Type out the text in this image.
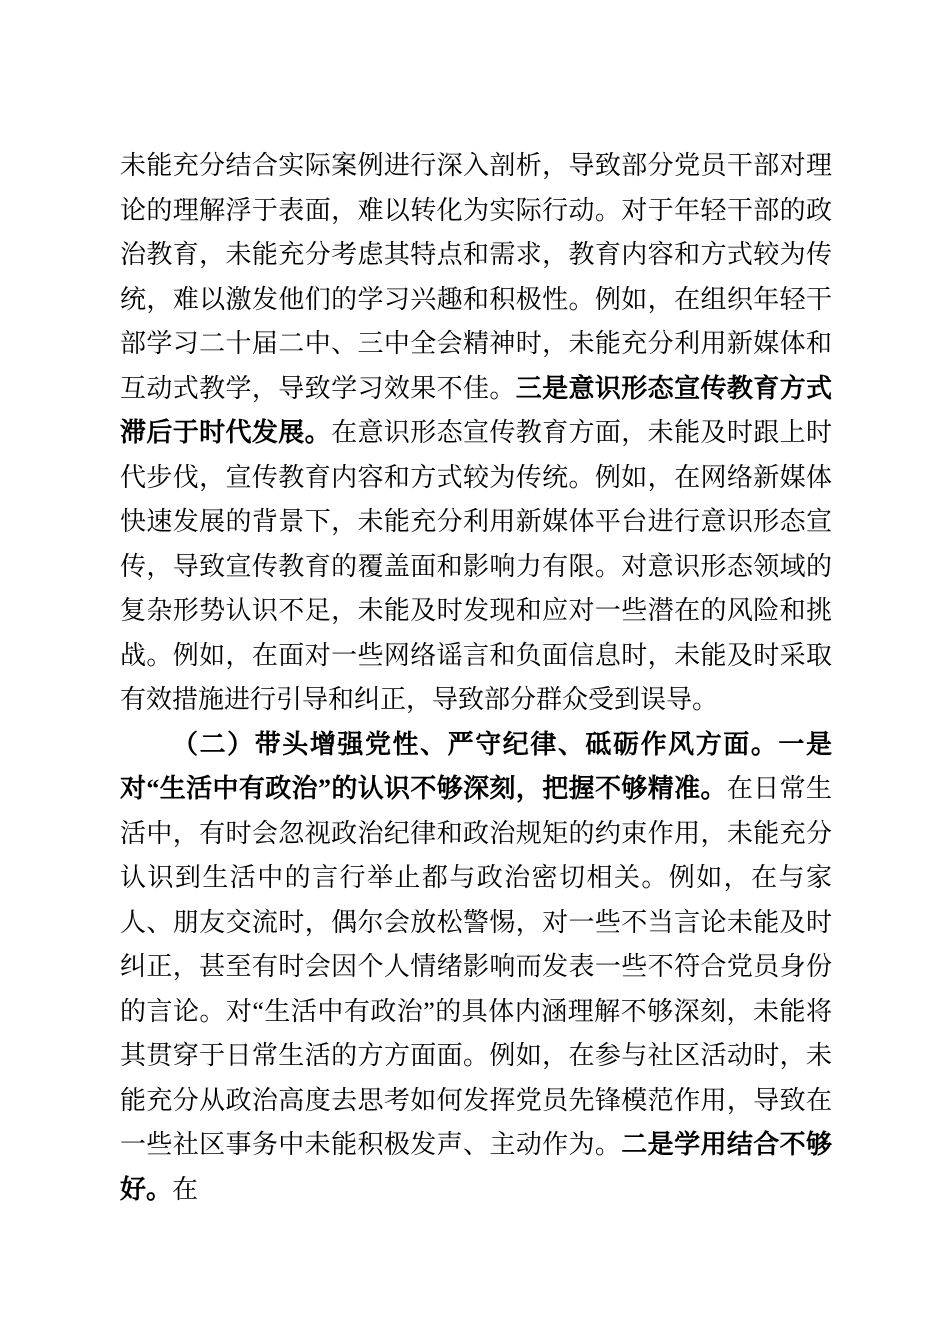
未能充分结合实际案例进行深入剖析，导致部分党员干部对理论的理解浮于表面，难以转化为实际行动。对于年轻干部的政治教育，未能充分考虑其特点和需求，教育内容和方式较为传统，难以激发他们的学习兴趣和积极性。例如，在组织年轻干部学习二十届二中、三中全会精神时，未能充分利用新媒体和互动式教学，导致学习效果不佳。三是意识形态宣传教育方式滞后于时代发展。在意识形态宣传教育方面，未能及时跟上时代步伐，宣传教育内容和方式较为传统。例如，在网络新媒体快速发展的背景下，未能充分利用新媒体平台进行意识形态宣传，导致宣传教育的覆盖面和影响力有限。对意识形态领域的复杂形势认识不足，未能及时发现和应对一些潜在的风险和挑战。例如，在面对一些网络谣言和负面信息时，未能及时采取有效措施进行引导和纠正，导致部分群众受到误导。

（二）带头增强党性、严守纪律、砥砺作风方面。一是对“生活中有政治”的认识不够深刻，把握不够精准。在日常生活中，有时会忽视政治纪律和政治规矩的约束作用，未能充分认识到生活中的言行举止都与政治密切相关。例如，在与家人、朋友交流时，偶尔会放松警惕，对一些不当言论未能及时纠正，甚至有时会因个人情绪影响而发表一些不符合党员身份的言论。对“生活中有政治”的具体内涵理解不够深刻，未能将其贯穿于日常生活的方方面面。例如，在参与社区活动时，未能充分从政治高度去思考如何发挥党员先锋模范作用，导致在一些社区事务中未能积极发声、主动作为。二是学用结合不够好。在
